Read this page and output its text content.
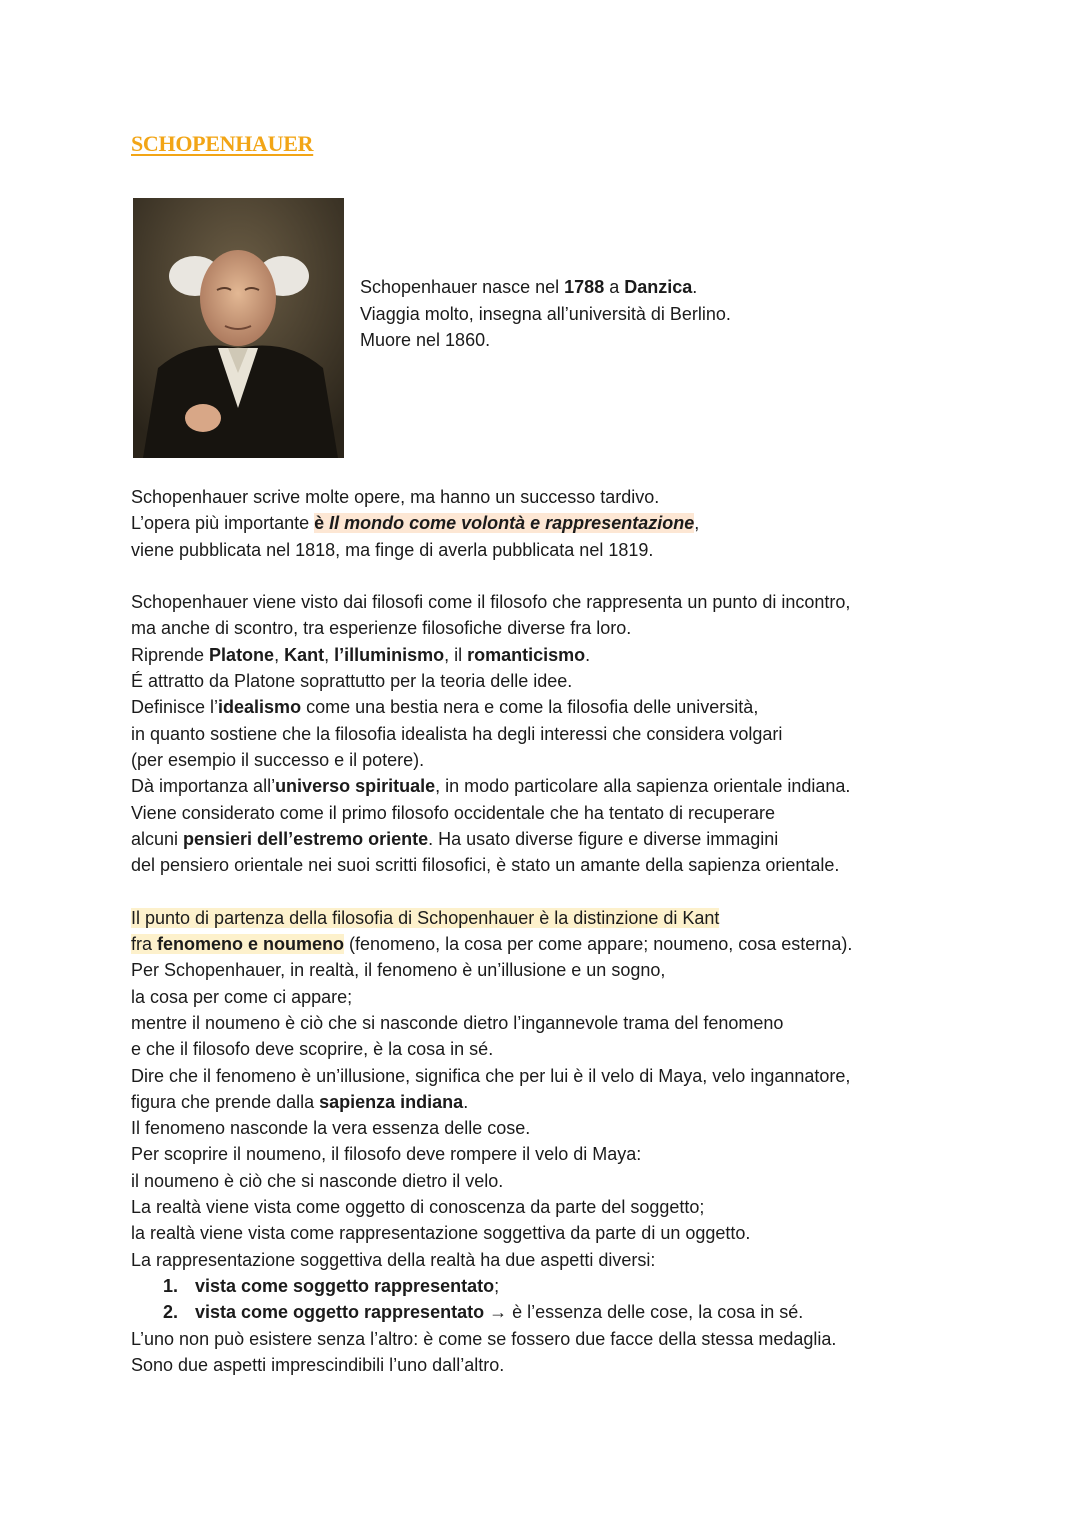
SCHOPENHAUER

Schopenhauer nasce nel 1788 a Danzica.

Viaggia molto, insegna all’università di Berlino.

Muore nel 1860.

Schopenhauer scrive molte opere, ma hanno un successo tardivo.

L’opera più importante è Il mondo come volontà e rappresentazione,

viene pubblicata nel 1818, ma finge di averla pubblicata nel 1819.

Schopenhauer viene visto dai filosofi come il filosofo che rappresenta un punto di incontro,

ma anche di scontro, tra esperienze filosofiche diverse fra loro.

Riprende Platone, Kant, l’illuminismo, il romanticismo.

É attratto da Platone soprattutto per la teoria delle idee.

Definisce l’idealismo come una bestia nera e come la filosofia delle università,

in quanto sostiene che la filosofia idealista ha degli interessi che considera volgari

(per esempio il successo e il potere).

Dà importanza all’universo spirituale, in modo particolare alla sapienza orientale indiana.

Viene considerato come il primo filosofo occidentale che ha tentato di recuperare

alcuni pensieri dell’estremo oriente. Ha usato diverse figure e diverse immagini

del pensiero orientale nei suoi scritti filosofici, è stato un amante della sapienza orientale.

Il punto di partenza della filosofia di Schopenhauer è la distinzione di Kant

fra fenomeno e noumeno (fenomeno, la cosa per come appare; noumeno, cosa esterna).

Per Schopenhauer, in realtà, il fenomeno è un’illusione e un sogno,

la cosa per come ci appare;

mentre il noumeno è ciò che si nasconde dietro l’ingannevole trama del fenomeno

e che il filosofo deve scoprire, è la cosa in sé.

Dire che il fenomeno è un’illusione, significa che per lui è il velo di Maya, velo ingannatore,

figura che prende dalla sapienza indiana.

Il fenomeno nasconde la vera essenza delle cose.

Per scoprire il noumeno, il filosofo deve rompere il velo di Maya:

il noumeno è ciò che si nasconde dietro il velo.

La realtà viene vista come oggetto di conoscenza da parte del soggetto;

la realtà viene vista come rappresentazione soggettiva da parte di un oggetto.

La rappresentazione soggettiva della realtà ha due aspetti diversi:

1. vista come soggetto rappresentato;

2. vista come oggetto rappresentato → è l’essenza delle cose, la cosa in sé.

L’uno non può esistere senza l’altro: è come se fossero due facce della stessa medaglia.

Sono due aspetti imprescindibili l’uno dall’altro.
